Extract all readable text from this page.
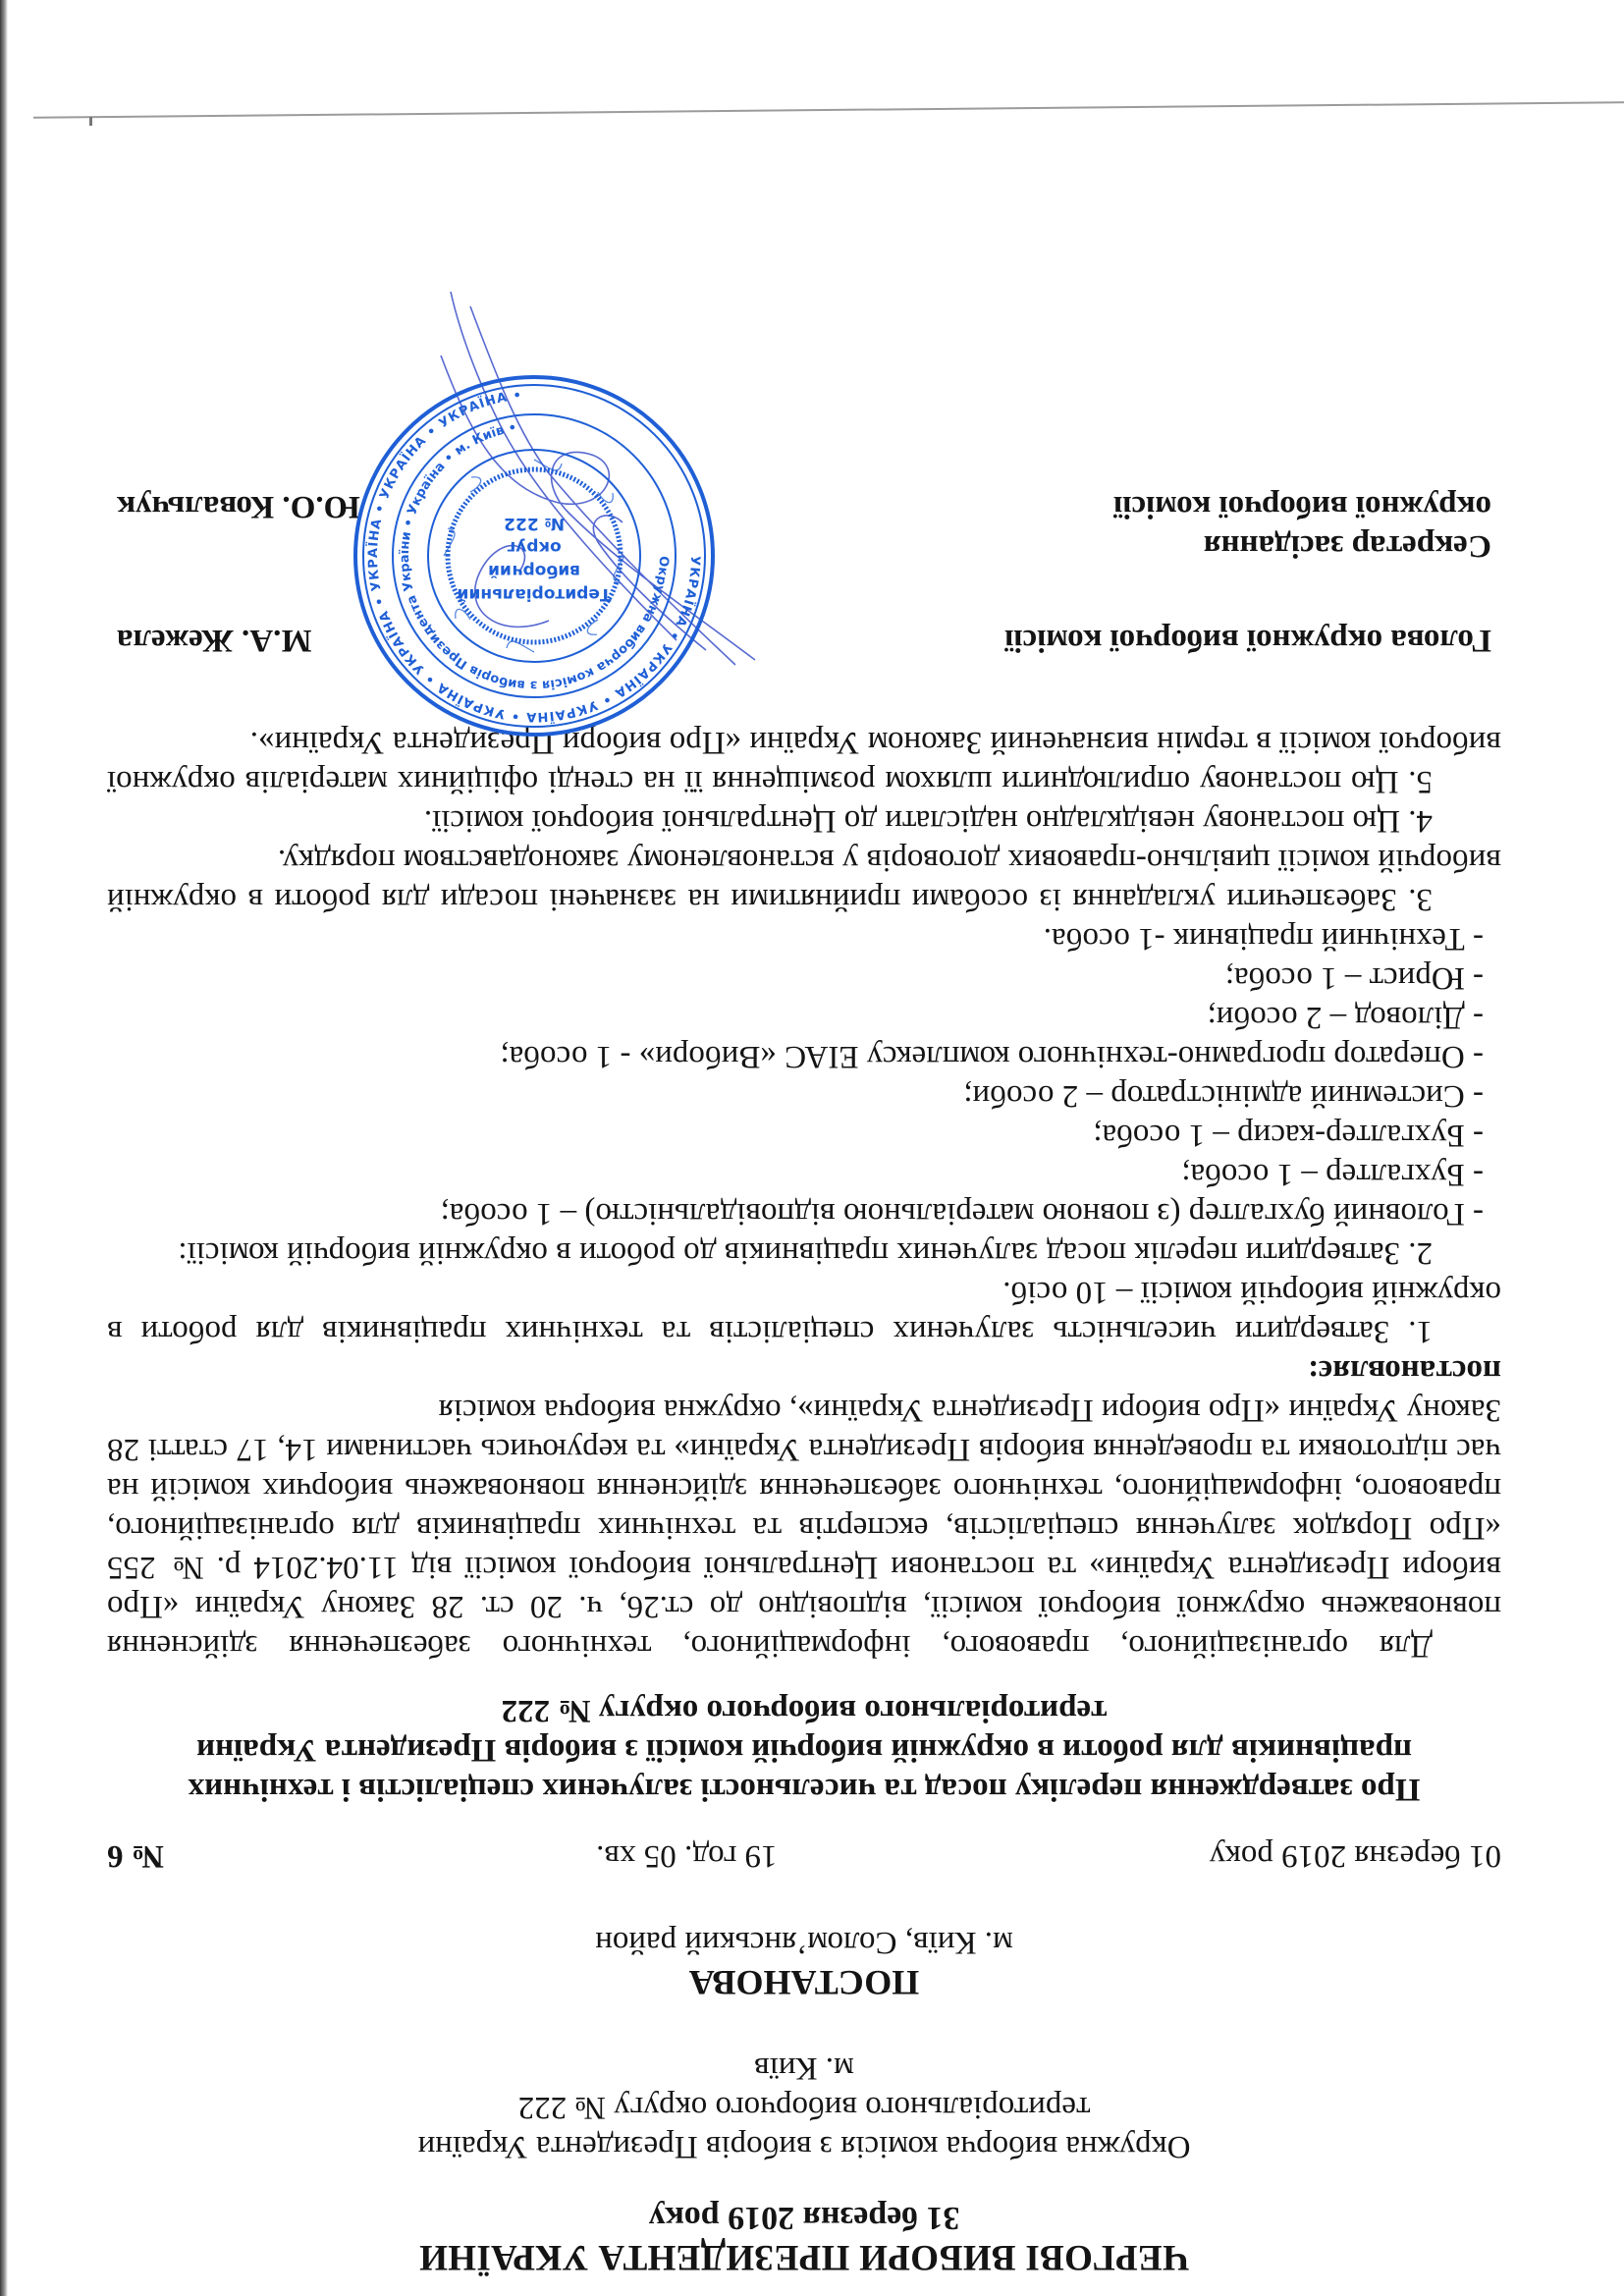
ЧЕРГОВІ ВИБОРИ ПРЕЗИДЕНТА УКРАЇНИ
31 березня 2019 року
Окружна виборча комісія з виборів Президента України
територіального виборчого округу № 222
м. Київ
ПОСТАНОВА
м. Київ, Солом’янський район
01 березня 2019 року
19 год. 05 хв.
№ 6
Про затвердження переліку посад та чисельності залучених спеціалістів і технічних працівників для роботи в окружній виборчій комісії з виборів Президента України територіального виборчого округу № 222

Для організаційного, правового, інформаційного, технічного забезпечення здійснення повноважень окружної виборчої комісії, відповідно до ст.26, ч. 20 ст. 28 Закону України «Про вибори Президента України» та постанови Центральної виборчої комісії від 11.04.2014 р. № 255 «Про Порядок залучення спеціалістів, експертів та технічних працівників для організаційного, правового, інформаційного, технічного забезпечення здійснення повноважень виборчих комісій на час підготовки та проведення виборів Президента України» та керуючись частинами 14, 17 статті 28 Закону України «Про вибори Президента України», окружна виборча комісія

постановляє:

1. Затвердити чисельність залучених спеціалістів та технічних працівників для роботи в окружній виборчій комісії – 10 осіб.

2. Затвердити перелік посад залучених працівників до роботи в окружній виборчій комісії:

- Головний бухгалтер (з повною матеріальною відповідальністю) – 1 особа;

- Бухгалтер – 1 особа;

- Бухгалтер-касир – 1 особа;

- Системний адміністратор – 2 особи;

- Оператор програмно-технічного комплексу ЕІАС «Вибори» - 1 особа;

- Діловод – 2 особи;

- Юрист – 1 особа;

- Технічний працівник -1 особа.

3. Забезпечити укладання із особами прийнятими на зазначені посади для роботи в окружній виборчій комісії цивільно-правових договорів у встановленому законодавством порядку.

4. Цю постанову невідкладно надіслати до Центральної виборчої комісії.

5. Цю постанову оприлюднити шляхом розміщення її на стенді офіційних матеріалів окружної виборчої комісії в термін визначений Законом України «Про вибори Президента України».

Голова окружної виборчої комісії
М.А. Жежела
Секретар засідання
окружної виборчої комісії
Ю.О. Ковальчук
УКРАЇНА • УКРАЇНА • УКРАЇНА • УКРАЇНА • УКРАЇНА • УКРАЇНА • УКРАЇНА • УКРАЇНА •
Окружна виборча комісія з виборів Президента України • Україна • м. Київ •
Територіальний
виборчий
округ
№ 222
